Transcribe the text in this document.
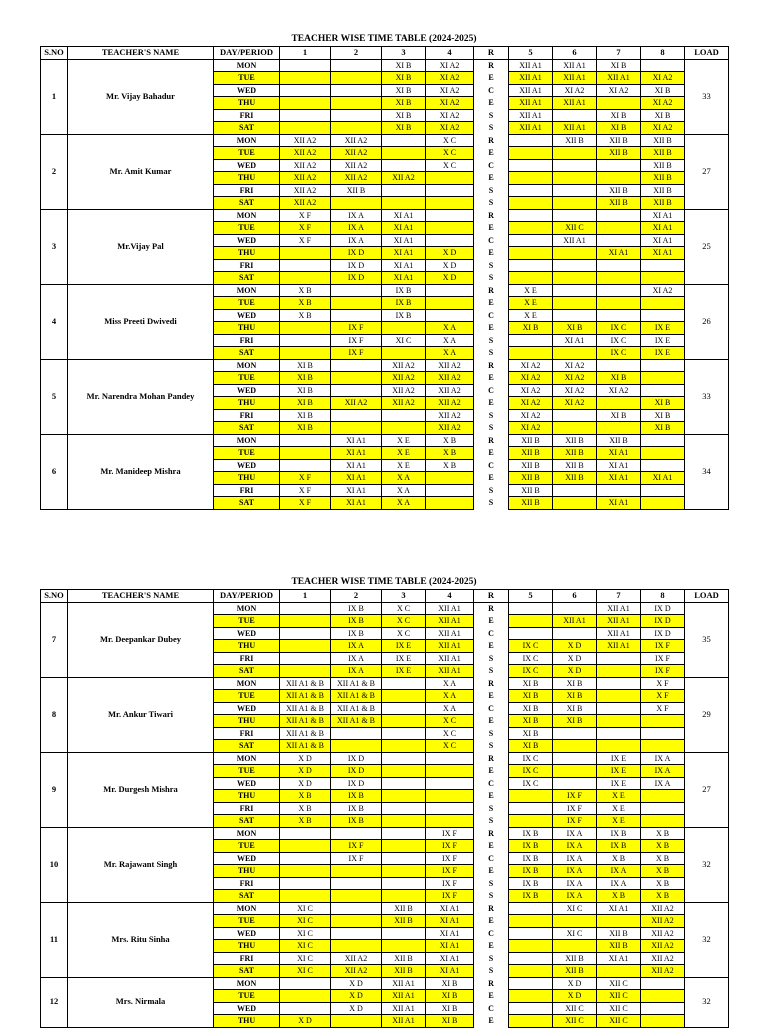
TEACHER WISE TIME TABLE (2024-2025)
S.NO	TEACHER'S NAME	DAY/PERIOD	1	2	3	4	R	5	6	7	8	LOAD
1	Mr. Vijay Bahadur	MON			XI B	XI A2	R	XII A1	XII A1	XI B		33
		TUE			XI B	XI A2	E	XII A1	XII A1	XII A1	XI A2	
		WED			XI B	XI A2	C	XII A1	XI A2	XI A2	XI B	
		THU			XI B	XI A2	E	XII A1	XII A1		XI A2	
		FRI			XI B	XI A2	S	XII A1		XI B	XI B	
		SAT			XI B	XI A2	S	XII A1	XII A1	XI B	XI A2	
2	Mr. Amit Kumar	MON	XII A2	XII A2		X C	R		XII B	XII B	XII B	27
		TUE	XII A2	XII A2		X C	E			XII B	XII B	
		WED	XII A2	XII A2		X C	C				XII B	
		THU	XII A2	XII A2	XII A2		E				XII B	
		FRI	XII A2	XII B			S			XII B	XII B	
		SAT	XII A2				S			XII B	XII B	
3	Mr.Vijay Pal	MON	X F	IX A	XI A1		R				XI A1	25
		TUE	X F	IX A	XI A1		E		XII C		XI A1	
		WED	X F	IX A	XI A1		C		XII A1		XI A1	
		THU		IX D	XI A1	X D	E			XI A1	XI A1	
		FRI		IX D	XI A1	X D	S					
		SAT		IX D	XI A1	X D	S					
4	Miss Preeti Dwivedi	MON	X B		IX B		R	X E			XI A2	26
		TUE	X B		IX B		E	X E				
		WED	X B		IX B		C	X E				
		THU		IX F		X A	E	XI B	XI B	IX C	IX E	
		FRI		IX F	XI C	X A	S		XI A1	IX C	IX E	
		SAT		IX F		X A	S			IX C	IX E	
5	Mr. Narendra Mohan Pandey	MON	XI B		XII A2	XII A2	R	XI A2	XI A2			33
		TUE	XI B		XII A2	XII A2	E	XI A2	XI A2	XI B		
		WED	XI B		XII A2	XII A2	C	XI A2	XI A2	XI A2		
		THU	XI B	XII A2	XII A2	XII A2	E	XI A2	XI A2		XI B	
		FRI	XI B			XII A2	S	XI A2		XI B	XI B	
		SAT	XI B			XII A2	S	XI A2			XI B	
6	Mr. Manideep Mishra	MON		XI A1	X E	X B	R	XII B	XII B	XII B		34
		TUE		XI A1	X E	X B	E	XII B	XII B	XI A1		
		WED		XI A1	X E	X B	C	XII B	XII B	XI A1		
		THU	X F	XI A1	X A		E	XII B	XII B	XI A1	XI A1	
		FRI	X F	XI A1	X A		S	XII B				
		SAT	X F	XI A1	X A		S	XII B		XI A1		
TEACHER WISE TIME TABLE (2024-2025)
S.NO	TEACHER'S NAME	DAY/PERIOD	1	2	3	4	R	5	6	7	8	LOAD
7	Mr. Deepankar Dubey	MON		IX B	X C	XII A1	R			XII A1	IX D	35
		TUE		IX B	X C	XII A1	E		XII A1	XII A1	IX D	
		WED		IX B	X C	XII A1	C			XII A1	IX D	
		THU		IX A	IX E	XII A1	E	IX C	X D	XII A1	IX F	
		FRI		IX A	IX E	XII A1	S	IX C	X D		IX F	
		SAT		IX A	IX E	XII A1	S	IX C	X D		IX F	
8	Mr. Ankur Tiwari	MON	XII A1 & B	XII A1 & B		X A	R	XI B	XI B		X F	29
		TUE	XII A1 & B	XII A1 & B		X A	E	XI B	XI B		X F	
		WED	XII A1 & B	XII A1 & B		X A	C	XI B	XI B		X F	
		THU	XII A1 & B	XII A1 & B		X C	E	XI B	XI B			
		FRI	XII A1 & B			X C	S	XI B				
		SAT	XII A1 & B			X C	S	XI B				
9	Mr. Durgesh Mishra	MON	X D	IX D			R	IX C		IX E	IX A	27
		TUE	X D	IX D			E	IX C		IX E	IX A	
		WED	X D	IX D			C	IX C		IX E	IX A	
		THU	X B	IX B			E		IX F	X E		
		FRI	X B	IX B			S		IX F	X E		
		SAT	X B	IX B			S		IX F	X E		
10	Mr. Rajawant Singh	MON				IX F	R	IX B	IX A	IX B	X B	32
		TUE		IX F		IX F	E	IX B	IX A	IX B	X B	
		WED		IX F		IX F	C	IX B	IX A	X B	X B	
		THU				IX F	E	IX B	IX A	IX A	X B	
		FRI				IX F	S	IX B	IX A	IX A	X B	
		SAT				IX F	S	IX B	IX A	X B	X B	
11	Mrs. Ritu Sinha	MON	XI C		XII B	XI A1	R		XI C	XI A1	XII A2	32
		TUE	XI C		XII B	XI A1	E				XII A2	
		WED	XI C			XI A1	C		XI C	XII B	XII A2	
		THU	XI C			XI A1	E			XII B	XII A2	
		FRI	XI C	XII A2	XII B	XI A1	S		XII B	XI A1	XII A2	
		SAT	XI C	XII A2	XII B	XI A1	S		XII B		XII A2	
12	Mrs. Nirmala	MON		X D	XII A1	XI B	R		X D	XII C		32
		TUE		X D	XII A1	XI B	E		X D	XII C		
		WED		X D	XII A1	XI B	C		XII C	XII C		
		THU	X D		XII A1	XI B	E		XII C	XII C		
